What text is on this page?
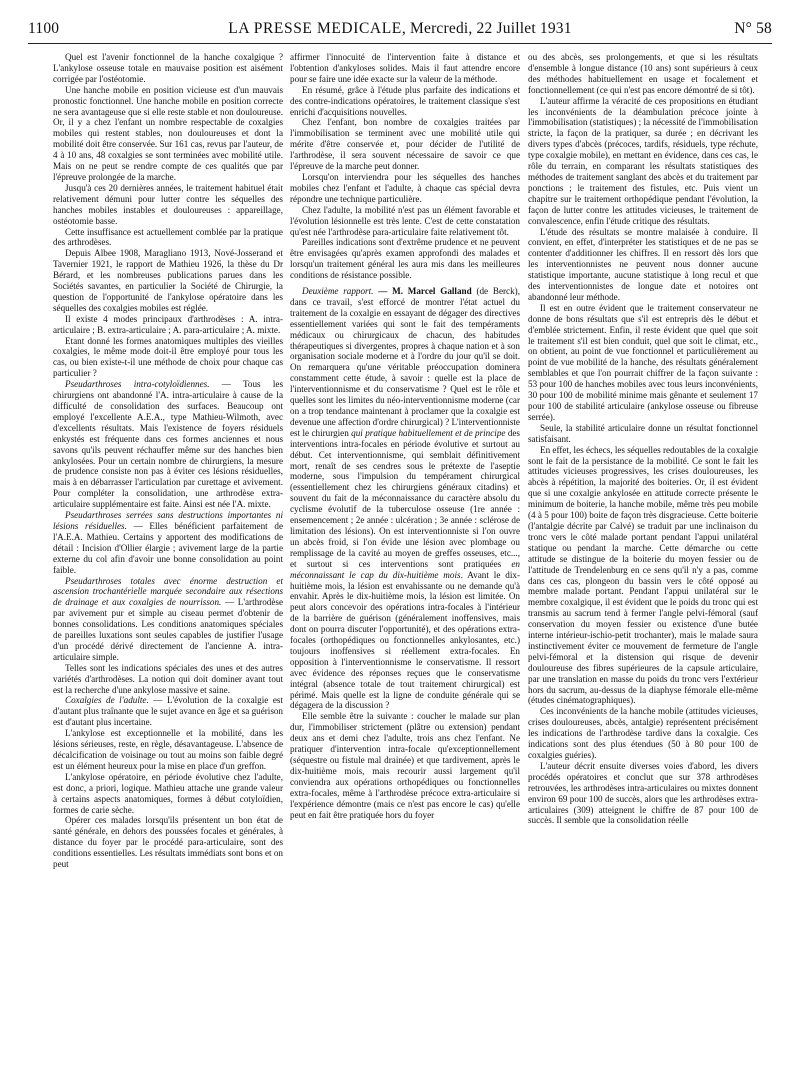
1100	LA PRESSE MEDICALE, Mercredi, 22 Juillet 1931	N° 58

Quel est l'avenir fonctionnel de la hanche coxalgique ? L'ankylose osseuse totale en mauvaise position est aisément corrigée par l'ostéotomie.

Une hanche mobile en position vicieuse est d'un mauvais pronostic fonctionnel. Une hanche mobile en position correcte ne sera avantageuse que si elle reste stable et non douloureuse. Or, il y a chez l'enfant un nombre respectable de coxalgies mobiles qui restent stables, non douloureuses et dont la mobilité doit être conservée. Sur 161 cas, revus par l'auteur, de 4 à 10 ans, 48 coxalgies se sont terminées avec mobilité utile. Mais on ne peut se rendre compte de ces qualités que par l'épreuve prolongée de la marche.

Jusqu'à ces 20 dernières années, le traitement habituel était relativement démuni pour lutter contre les séquelles des hanches mobiles instables et douloureuses : appareillage, ostéotomie basse.

Cette insuffisance est actuellement comblée par la pratique des arthrodèses.

Depuis Albee 1908, Maragliano 1913, Nové-Josserand et Tavernier 1921, le rapport de Mathieu 1926, la thèse du Dr Bérard, et les nombreuses publications parues dans les Sociétés savantes, en particulier la Société de Chirurgie, la question de l'opportunité de l'ankylose opératoire dans les séquelles des coxalgies mobiles est réglée.

Il existe 4 modes principaux d'arthrodèses : A. intra-articulaire ; B. extra-articulaire ; A. para-articulaire ; A. mixte.

Etant donné les formes anatomiques multiples des vieilles coxalgies, le même mode doit-il être employé pour tous les cas, ou bien existe-t-il une méthode de choix pour chaque cas particulier ?

Pseudarthroses intra-cotyloïdiennes. — Tous les chirurgiens ont abandonné l'A. intra-articulaire à cause de la difficulté de consolidation des surfaces. Beaucoup ont employé l'excellente A.E.A., type Mathieu-Wilmoth, avec d'excellents résultats. Mais l'existence de foyers résiduels enkystés est fréquente dans ces formes anciennes et nous savons qu'ils peuvent réchauffer même sur des hanches bien ankylosées. Pour un certain nombre de chirurgiens, la mesure de prudence consiste non pas à éviter ces lésions résiduelles, mais à en débarrasser l'articulation par curettage et avivement. Pour compléter la consolidation, une arthrodèse extra-articulaire supplémentaire est faite. Ainsi est née l'A. mixte.

Pseudarthroses serrées sans destructions importantes ni lésions résiduelles. — Elles bénéficient parfaitement de l'A.E.A. Mathieu. Certains y apportent des modifications de détail : Incision d'Ollier élargie ; avivement large de la partie externe du col afin d'avoir une bonne consolidation au point faible.

Pseudarthroses totales avec énorme destruction et ascension trochantérielle marquée secondaire aux résections de drainage et aux coxalgies de nourrisson. — L'arthrodèse par avivement pur et simple au ciseau permet d'obtenir de bonnes consolidations. Les conditions anatomiques spéciales de pareilles luxations sont seules capables de justifier l'usage d'un procédé dérivé directement de l'ancienne A. intra-articulaire simple.

Telles sont les indications spéciales des unes et des autres variétés d'arthrodèses. La notion qui doit dominer avant tout est la recherche d'une ankylose massive et saine.

Coxalgies de l'adulte. — L'évolution de la coxalgie est d'autant plus traînante que le sujet avance en âge et sa guérison est d'autant plus incertaine.

L'ankylose est exceptionnelle et la mobilité, dans les lésions sérieuses, reste, en règle, désavantageuse. L'absence de décalcification de voisinage ou tout au moins son faible degré est un élément heureux pour la mise en place d'un greffon.

L'ankylose opératoire, en période évolutive chez l'adulte, est donc, a priori, logique. Mathieu attache une grande valeur à certains aspects anatomiques, formes à début cotyloïdien, formes de carie sèche.

Opérer ces malades lorsqu'ils présentent un bon état de santé générale, en dehors des poussées focales et générales, à distance du foyer par le procédé para-articulaire, sont des conditions essentielles. Les résultats immédiats sont bons et on peut

affirmer l'innocuité de l'intervention faite à distance et l'obtention d'ankyloses solides. Mais il faut attendre encore pour se faire une idée exacte sur la valeur de la méthode.

En résumé, grâce à l'étude plus parfaite des indications et des contre-indications opératoires, le traitement classique s'est enrichi d'acquisitions nouvelles.

Chez l'enfant, bon nombre de coxalgies traitées par l'immobilisation se terminent avec une mobilité utile qui mérite d'être conservée et, pour décider de l'utilité de l'arthrodèse, il sera souvent nécessaire de savoir ce que l'épreuve de la marche peut donner.

Lorsqu'on interviendra pour les séquelles des hanches mobiles chez l'enfant et l'adulte, à chaque cas spécial devra répondre une technique particulière.

Chez l'adulte, la mobilité n'est pas un élément favorable et l'évolution lésionnelle est très lente. C'est de cette constatation qu'est née l'arthrodèse para-articulaire faite relativement tôt.

Pareilles indications sont d'extrême prudence et ne peuvent être envisagées qu'après examen approfondi des malades et lorsqu'un traitement général les aura mis dans les meilleures conditions de résistance possible.

Deuxième rapport. — M. Marcel Galland (de Berck), dans ce travail, s'est efforcé de montrer l'état actuel du traitement de la coxalgie en essayant de dégager des directives essentiellement variées qui sont le fait des tempéraments médicaux ou chirurgicaux de chacun, des habitudes thérapeutiques si divergentes, propres à chaque nation et à son organisation sociale moderne et à l'ordre du jour qu'il se doit. On remarquera qu'une véritable préoccupation dominera constamment cette étude, à savoir : quelle est la place de l'interventionnisme et du conservatisme ? Quel est le rôle et quelles sont les limites du néo-interventionnisme moderne (car on a trop tendance maintenant à proclamer que la coxalgie est devenue une affection d'ordre chirurgical) ? L'interventionniste est le chirurgien qui pratique habituellement et de principe des interventions intra-focales en période évolutive et surtout au début. Cet interventionnisme, qui semblait définitivement mort, renaît de ses cendres sous le prétexte de l'aseptie moderne, sous l'impulsion du tempérament chirurgical (essentiellement chez les chirurgiens généraux citadins) et souvent du fait de la méconnaissance du caractère absolu du cyclisme évolutif de la tuberculose osseuse (1re année : ensemencement ; 2e année : ulcération ; 3e année : sclérose de limitation des lésions). On est interventionniste si l'on ouvre un abcès froid, si l'on évide une lésion avec plombage ou remplissage de la cavité au moyen de greffes osseuses, etc..., et surtout si ces interventions sont pratiquées en méconnaissant le cap du dix-huitième mois. Avant le dix-huitième mois, la lésion est envahissante ou ne demande qu'à envahir. Après le dix-huitième mois, la lésion est limitée. On peut alors concevoir des opérations intra-focales à l'intérieur de la barrière de guérison (généralement inoffensives, mais dont on pourra discuter l'opportunité), et des opérations extra-focales (orthopédiques ou fonctionnelles ankylosantes, etc.) toujours inoffensives si réellement extra-focales. En opposition à l'interventionnisme le conservatisme. Il ressort avec évidence des réponses reçues que le conservatisme intégral (absence totale de tout traitement chirurgical) est périmé. Mais quelle est la ligne de conduite générale qui se dégagera de la discussion ?

Elle semble être la suivante : coucher le malade sur plan dur, l'immobiliser strictement (plâtre ou extension) pendant deux ans et demi chez l'adulte, trois ans chez l'enfant. Ne pratiquer d'intervention intra-focale qu'exceptionnellement (séquestre ou fistule mal drainée) et que tardivement, après le dix-huitième mois, mais recourir aussi largement qu'il conviendra aux opérations orthopédiques ou fonctionnelles extra-focales, même à l'arthrodèse précoce extra-articulaire si l'expérience démontre (mais ce n'est pas encore le cas) qu'elle peut en fait être pratiquée hors du foyer

ou des abcès, ses prolongements, et que si les résultats d'ensemble à longue distance (10 ans) sont supérieurs à ceux des méthodes habituellement en usage et focalement et fonctionnellement (ce qui n'est pas encore démontré de si tôt).

L'auteur affirme la véracité de ces propositions en étudiant les inconvénients de la déambulation précoce jointe à l'immobilisation (statistiques) ; la nécessité de l'immobilisation stricte, la façon de la pratiquer, sa durée ; en décrivant les divers types d'abcès (précoces, tardifs, résiduels, type réchute, type coxalgie mobile), en mettant en évidence, dans ces cas, le rôle du terrain, en comparant les résultats statistiques des méthodes de traitement sanglant des abcès et du traitement par ponctions ; le traitement des fistules, etc. Puis vient un chapitre sur le traitement orthopédique pendant l'évolution, la façon de lutter contre les attitudes vicieuses, le traitement de convalescence, enfin l'étude critique des résultats.

L'étude des résultats se montre malaisée à conduire. Il convient, en effet, d'interpréter les statistiques et de ne pas se contenter d'additionner les chiffres. Il en ressort dès lors que les interventionnistes ne peuvent nous donner aucune statistique importante, aucune statistique à long recul et que des interventionnistes de longue date et notoires ont abandonné leur méthode.

Il est en outre évident que le traitement conservateur ne donne de bons résultats que s'il est entrepris dès le début et d'emblée strictement. Enfin, il reste évident que quel que soit le traitement s'il est bien conduit, quel que soit le climat, etc., on obtient, au point de vue fonctionnel et particulièrement au point de vue mobilité de la hanche, des résultats généralement semblables et que l'on pourrait chiffrer de la façon suivante : 53 pour 100 de hanches mobiles avec tous leurs inconvénients, 30 pour 100 de mobilité minime mais gênante et seulement 17 pour 100 de stabilité articulaire (ankylose osseuse ou fibreuse serrée).

Seule, la stabilité articulaire donne un résultat fonctionnel satisfaisant.

En effet, les échecs, les séquelles redoutables de la coxalgie sont le fait de la persistance de la mobilité. Ce sont le fait les attitudes vicieuses progressives, les crises douloureuses, les abcès à répétition, la majorité des boiteries. Or, il est évident que si une coxalgie ankylosée en attitude correcte présente le minimum de boiterie, la hanche mobile, même très peu mobile (4 à 5 pour 100) boite de façon très disgracieuse. Cette boiterie (l'antalgie décrite par Calvé) se traduit par une inclinaison du tronc vers le côté malade portant pendant l'appui unilatéral statique ou pendant la marche. Cette démarche ou cette attitude se distingue de la boiterie du moyen fessier ou de l'attitude de Trendelenburg en ce sens qu'il n'y a pas, comme dans ces cas, plongeon du bassin vers le côté opposé au membre malade portant. Pendant l'appui unilatéral sur le membre coxalgique, il est évident que le poids du tronc qui est transmis au sacrum tend à fermer l'angle pelvi-fémoral (sauf conservation du moyen fessier ou existence d'une butée interne intérieur-ischio-petit trochanter), mais le malade saura instinctivement éviter ce mouvement de fermeture de l'angle pelvi-fémoral et la distension qui risque de devenir douloureuse des fibres supérieures de la capsule articulaire, par une translation en masse du poids du tronc vers l'extérieur hors du sacrum, au-dessus de la diaphyse fémorale elle-même (études cinématographiques).

Ces inconvénients de la hanche mobile (attitudes vicieuses, crises douloureuses, abcès, antalgie) représentent précisément les indications de l'arthrodèse tardive dans la coxalgie. Ces indications sont des plus étendues (50 à 80 pour 100 de coxalgies guéries).

L'auteur décrit ensuite diverses voies d'abord, les divers procédés opératoires et conclut que sur 378 arthrodèses retrouvées, les arthrodèses intra-articulaires ou mixtes donnent environ 69 pour 100 de succès, alors que les arthrodèses extra-articulaires (309) atteignent le chiffre de 87 pour 100 de succès. Il semble que la consolidation réelle
